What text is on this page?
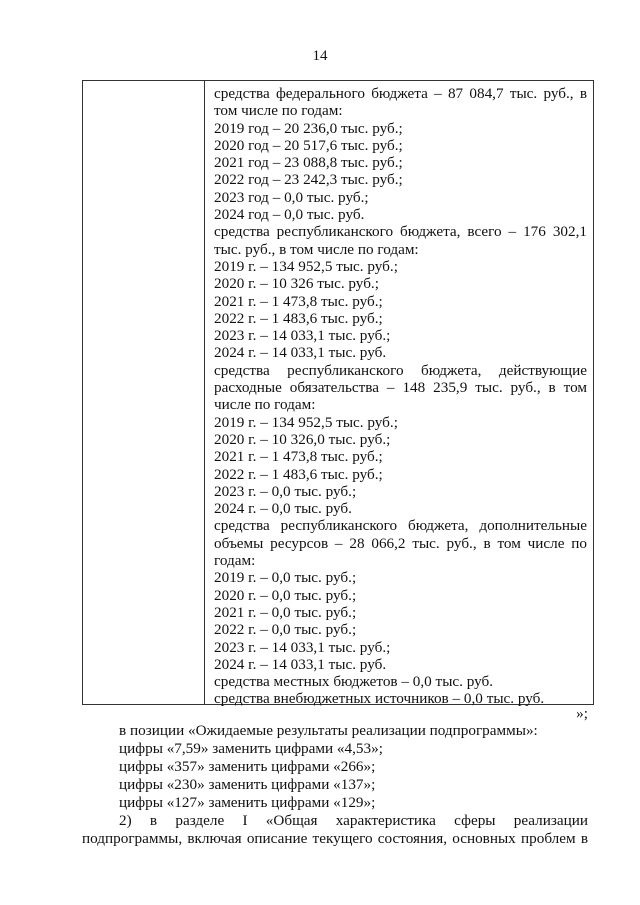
14
средства федерального бюджета – 87 084,7 тыс. руб., в том числе по годам:
2019 год – 20 236,0 тыс. руб.;
2020 год – 20 517,6 тыс. руб.;
2021 год – 23 088,8 тыс. руб.;
2022 год – 23 242,3 тыс. руб.;
2023 год – 0,0 тыс. руб.;
2024 год – 0,0 тыс. руб.
средства республиканского бюджета, всего – 176 302,1 тыс. руб., в том числе по годам:
2019 г. – 134 952,5 тыс. руб.;
2020 г. – 10 326 тыс. руб.;
2021 г. – 1 473,8 тыс. руб.;
2022 г. – 1 483,6 тыс. руб.;
2023 г. – 14 033,1 тыс. руб.;
2024 г. – 14 033,1 тыс. руб.
средства республиканского бюджета, действующие расходные обязательства – 148 235,9 тыс. руб., в том числе по годам:
2019 г. – 134 952,5 тыс. руб.;
2020 г. – 10 326,0 тыс. руб.;
2021 г. – 1 473,8 тыс. руб.;
2022 г. – 1 483,6 тыс. руб.;
2023 г. – 0,0 тыс. руб.;
2024 г. – 0,0 тыс. руб.
средства республиканского бюджета, дополнительные объемы ресурсов – 28 066,2 тыс. руб., в том числе по годам:
2019 г. – 0,0 тыс. руб.;
2020 г. – 0,0 тыс. руб.;
2021 г. – 0,0 тыс. руб.;
2022 г. – 0,0 тыс. руб.;
2023 г. – 14 033,1 тыс. руб.;
2024 г. – 14 033,1 тыс. руб.
средства местных бюджетов – 0,0 тыс. руб.
средства внебюджетных источников – 0,0 тыс. руб.
»;
в позиции «Ожидаемые результаты реализации подпрограммы»:
цифры «7,59» заменить цифрами «4,53»;
цифры «357» заменить цифрами «266»;
цифры «230» заменить цифрами «137»;
цифры «127» заменить цифрами «129»;
2) в разделе I «Общая характеристика сферы реализации подпрограммы, включая описание текущего состояния, основных проблем в
